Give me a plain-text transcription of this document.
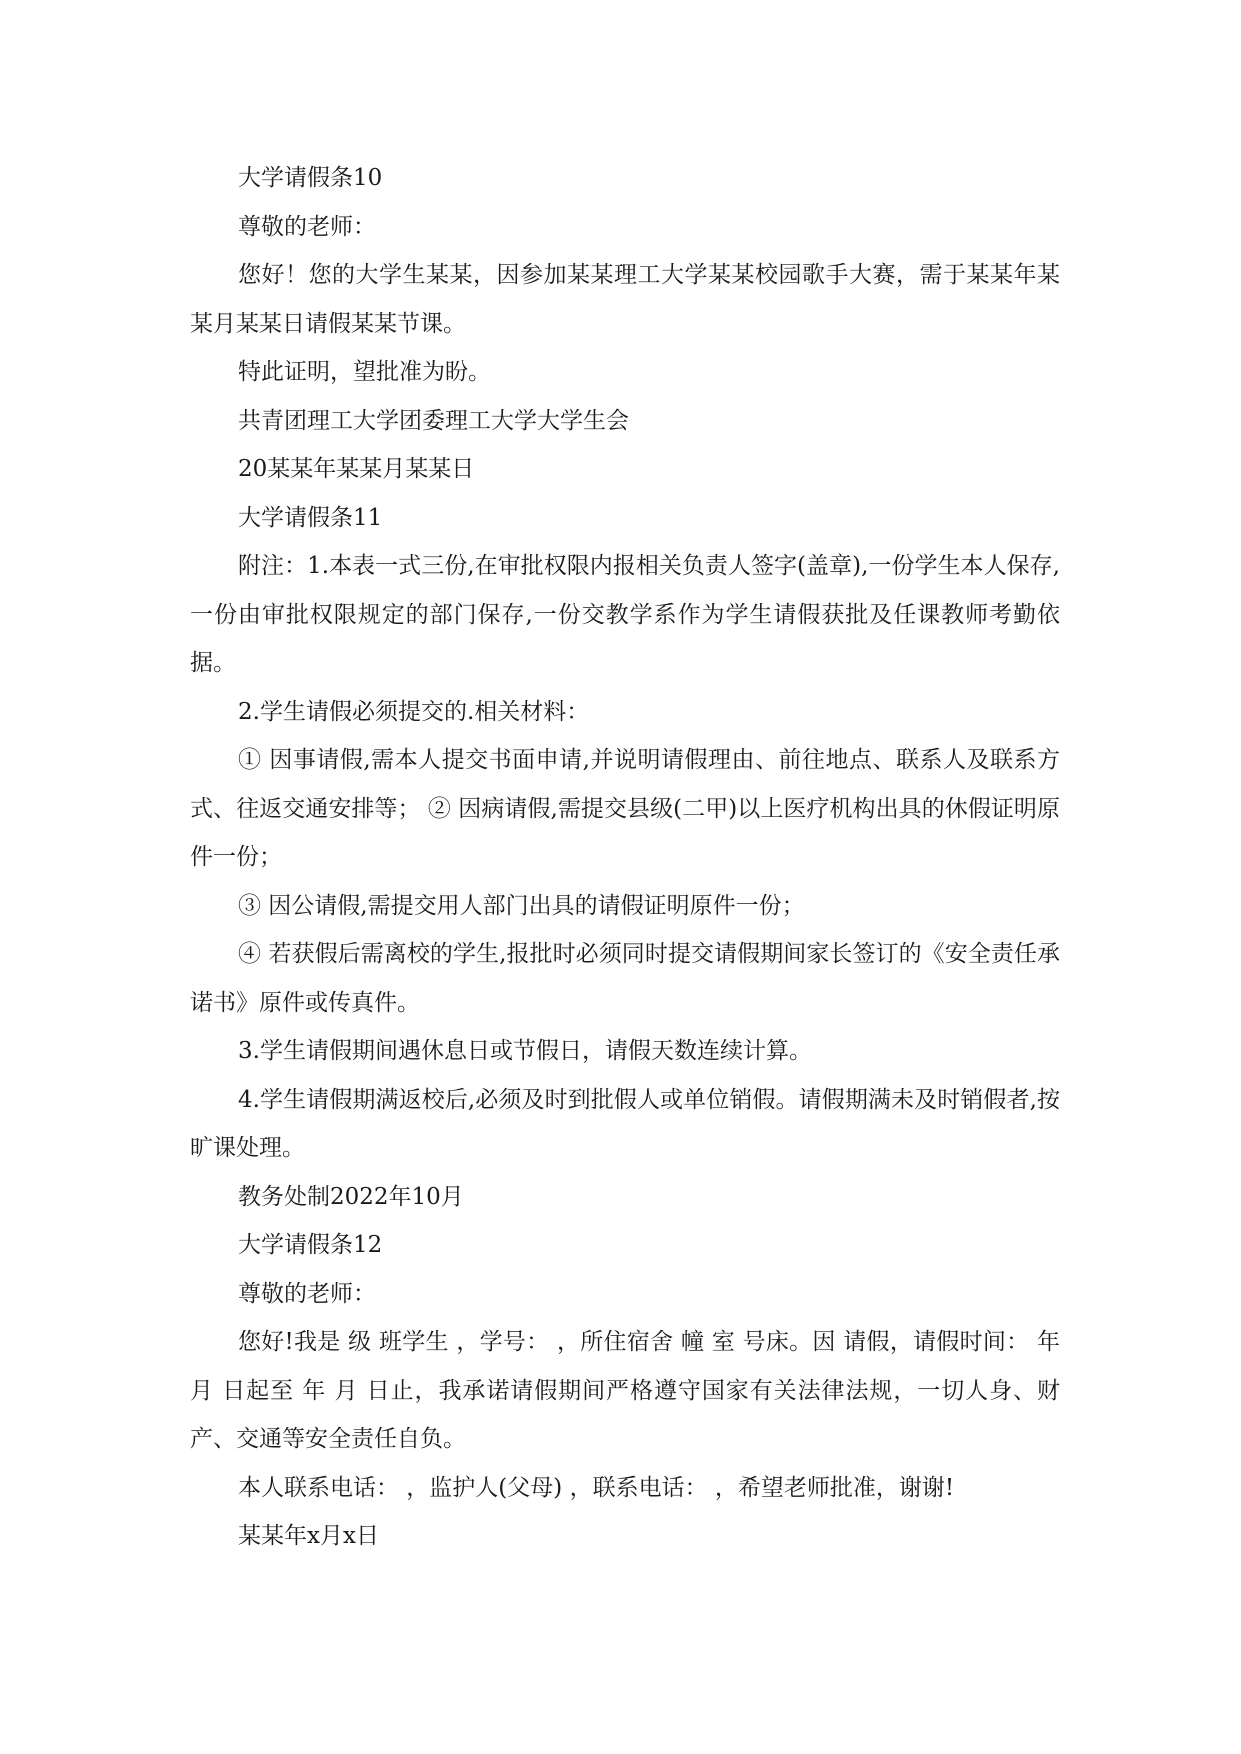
大学请假条10

尊敬的老师：

您好！您的大学生某某，因参加某某理工大学某某校园歌手大赛，需于某某年某某月某某日请假某某节课。

特此证明，望批准为盼。

共青团理工大学团委理工大学大学生会

20某某年某某月某某日

大学请假条11

附注：1.本表一式三份,在审批权限内报相关负责人签字(盖章),一份学生本人保存,一份由审批权限规定的部门保存,一份交教学系作为学生请假获批及任课教师考勤依据。

2.学生请假必须提交的.相关材料：

① 因事请假,需本人提交书面申请,并说明请假理由、前往地点、联系人及联系方式、往返交通安排等； ② 因病请假,需提交县级(二甲)以上医疗机构出具的休假证明原件一份；

③ 因公请假,需提交用人部门出具的请假证明原件一份；

④ 若获假后需离校的学生,报批时必须同时提交请假期间家长签订的《安全责任承诺书》原件或传真件。

3.学生请假期间遇休息日或节假日，请假天数连续计算。

4.学生请假期满返校后,必须及时到批假人或单位销假。请假期满未及时销假者,按旷课处理。

教务处制2022年10月

大学请假条12

尊敬的老师：

您好!我是 级 班学生 ，学号： ，所住宿舍 幢 室 号床。因 请假，请假时间： 年 月 日起至 年 月 日止，我承诺请假期间严格遵守国家有关法律法规，一切人身、财产、交通等安全责任自负。

本人联系电话： ，监护人(父母) ，联系电话： ，希望老师批准，谢谢!

某某年x月x日
